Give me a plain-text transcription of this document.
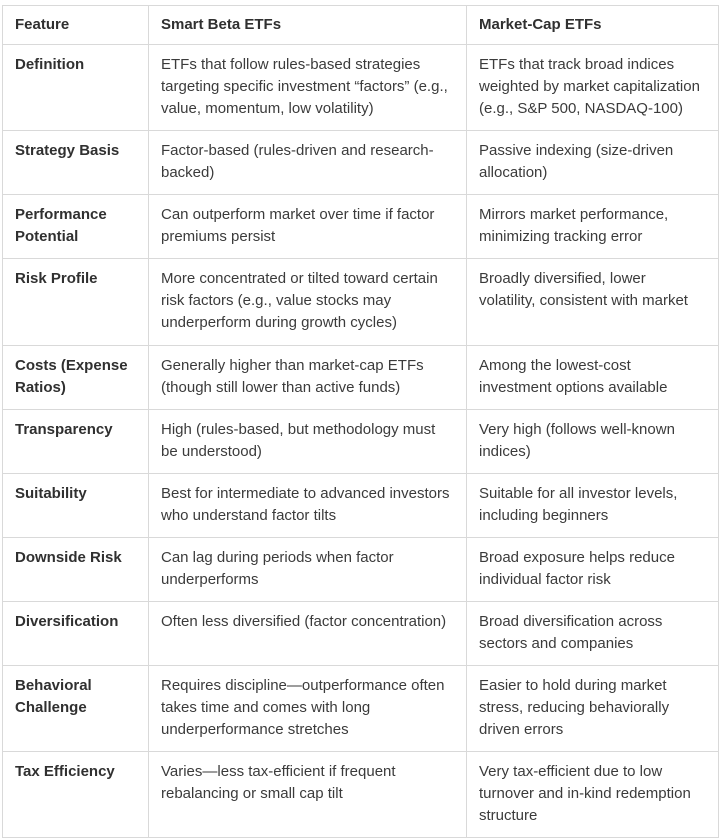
Feature	Smart Beta ETFs	Market-Cap ETFs
Definition	ETFs that follow rules-based strategies targeting specific investment “factors” (e.g., value, momentum, low volatility)	ETFs that track broad indices weighted by market capitalization (e.g., S&P 500, NASDAQ-100)
Strategy Basis	Factor-based (rules-driven and research-backed)	Passive indexing (size-driven allocation)
Performance Potential	Can outperform market over time if factor premiums persist	Mirrors market performance, minimizing tracking error
Risk Profile	More concentrated or tilted toward certain risk factors (e.g., value stocks may underperform during growth cycles)	Broadly diversified, lower volatility, consistent with market
Costs (Expense Ratios)	Generally higher than market-cap ETFs (though still lower than active funds)	Among the lowest-cost investment options available
Transparency	High (rules-based, but methodology must be understood)	Very high (follows well-known indices)
Suitability	Best for intermediate to advanced investors who understand factor tilts	Suitable for all investor levels, including beginners
Downside Risk	Can lag during periods when factor underperforms	Broad exposure helps reduce individual factor risk
Diversification	Often less diversified (factor concentration)	Broad diversification across sectors and companies
Behavioral Challenge	Requires discipline—outperformance often takes time and comes with long underperformance stretches	Easier to hold during market stress, reducing behaviorally driven errors
Tax Efficiency	Varies—less tax-efficient if frequent rebalancing or small cap tilt	Very tax-efficient due to low turnover and in-kind redemption structure
